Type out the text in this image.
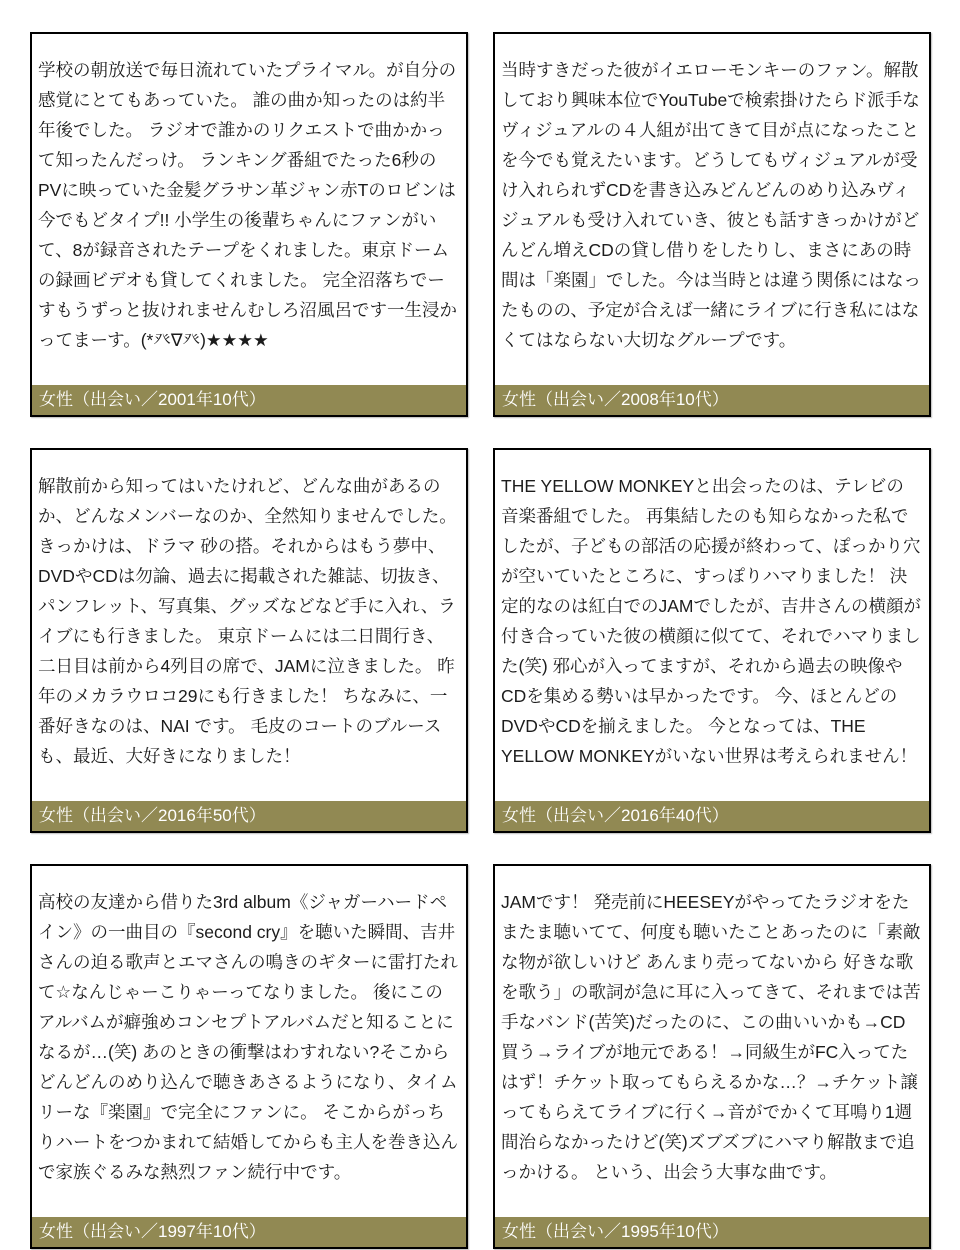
学校の朝放送で毎日流れていたプライマル。が自分の感覚にとてもあっていた。 誰の曲か知ったのは約半年後でした。 ラジオで誰かのリクエストで曲かかって知ったんだっけ。 ランキング番組でたった6秒のPVに映っていた金髪グラサン革ジャン赤Tのロビンは今でもどタイプ!! 小学生の後輩ちゃんにファンがいて、8が録音されたテープをくれました。東京ドームの録画ビデオも貸してくれました。 完全沼落ちでーすもうずっと抜けれませんむしろ沼風呂です一生浸かってまーす。(*癶∇癶)★★★★
女性（出会い／2001年10代）
当時すきだった彼がイエローモンキーのファン。解散しており興味本位でYouTubeで検索掛けたらド派手なヴィジュアルの４人組が出てきて目が点になったことを今でも覚えたいます。どうしてもヴィジュアルが受け入れられずCDを書き込みどんどんのめり込みヴィジュアルも受け入れていき、彼とも話すきっかけがどんどん増えCDの貸し借りをしたりし、まさにあの時間は「楽園」でした。今は当時とは違う関係にはなったものの、予定が合えば一緒にライブに行き私にはなくてはならない大切なグループです。
女性（出会い／2008年10代）
解散前から知ってはいたけれど、どんな曲があるのか、どんなメンバーなのか、全然知りませんでした。きっかけは、ドラマ 砂の搭。それからはもう夢中、DVDやCDは勿論、過去に掲載された雑誌、切抜き、パンフレット、写真集、グッズなどなど手に入れ、ライブにも行きました。 東京ドームには二日間行き、二日目は前から4列目の席で、JAMに泣きました。 昨年のメカラウロコ29にも行きました！ ちなみに、一番好きなのは、NAI です。 毛皮のコートのブルースも、最近、大好きになりました！
女性（出会い／2016年50代）
THE YELLOW MONKEYと出会ったのは、テレビの音楽番組でした。 再集結したのも知らなかった私でしたが、子どもの部活の応援が終わって、ぽっかり穴が空いていたところに、すっぽりハマりました！ 決定的なのは紅白でのJAMでしたが、吉井さんの横顔が付き合っていた彼の横顔に似てて、それでハマりました(笑) 邪心が入ってますが、それから過去の映像やCDを集める勢いは早かったです。 今、ほとんどのDVDやCDを揃えました。 今となっては、THE YELLOW MONKEYがいない世界は考えられません！
女性（出会い／2016年40代）
高校の友達から借りた3rd album《ジャガーハードペイン》の一曲目の『second cry』を聴いた瞬間、吉井さんの迫る歌声とエマさんの鳴きのギターに雷打たれて☆なんじゃーこりゃーってなりました。 後にこのアルバムが癖強めコンセプトアルバムだと知ることになるが…(笑) あのときの衝撃はわすれない?そこからどんどんのめり込んで聴きあさるようになり、タイムリーな『楽園』で完全にファンに。 そこからがっちりハートをつかまれて結婚してからも主人を巻き込んで家族ぐるみな熱烈ファン続行中です。
女性（出会い／1997年10代）
JAMです！ 発売前にHEESEYがやってたラジオをたまたま聴いてて、何度も聴いたことあったのに「素敵な物が欲しいけど あんまり売ってないから 好きな歌を歌う」の歌詞が急に耳に入ってきて、それまでは苦手なバンド(苦笑)だったのに、この曲いいかも→CD買う→ライブが地元である！→同級生がFC入ってたはず！チケット取ってもらえるかな…？→チケット譲ってもらえてライブに行く→音がでかくて耳鳴り1週間治らなかったけど(笑)ズブズブにハマり解散まで追っかける。 という、出会う大事な曲です。
女性（出会い／1995年10代）
